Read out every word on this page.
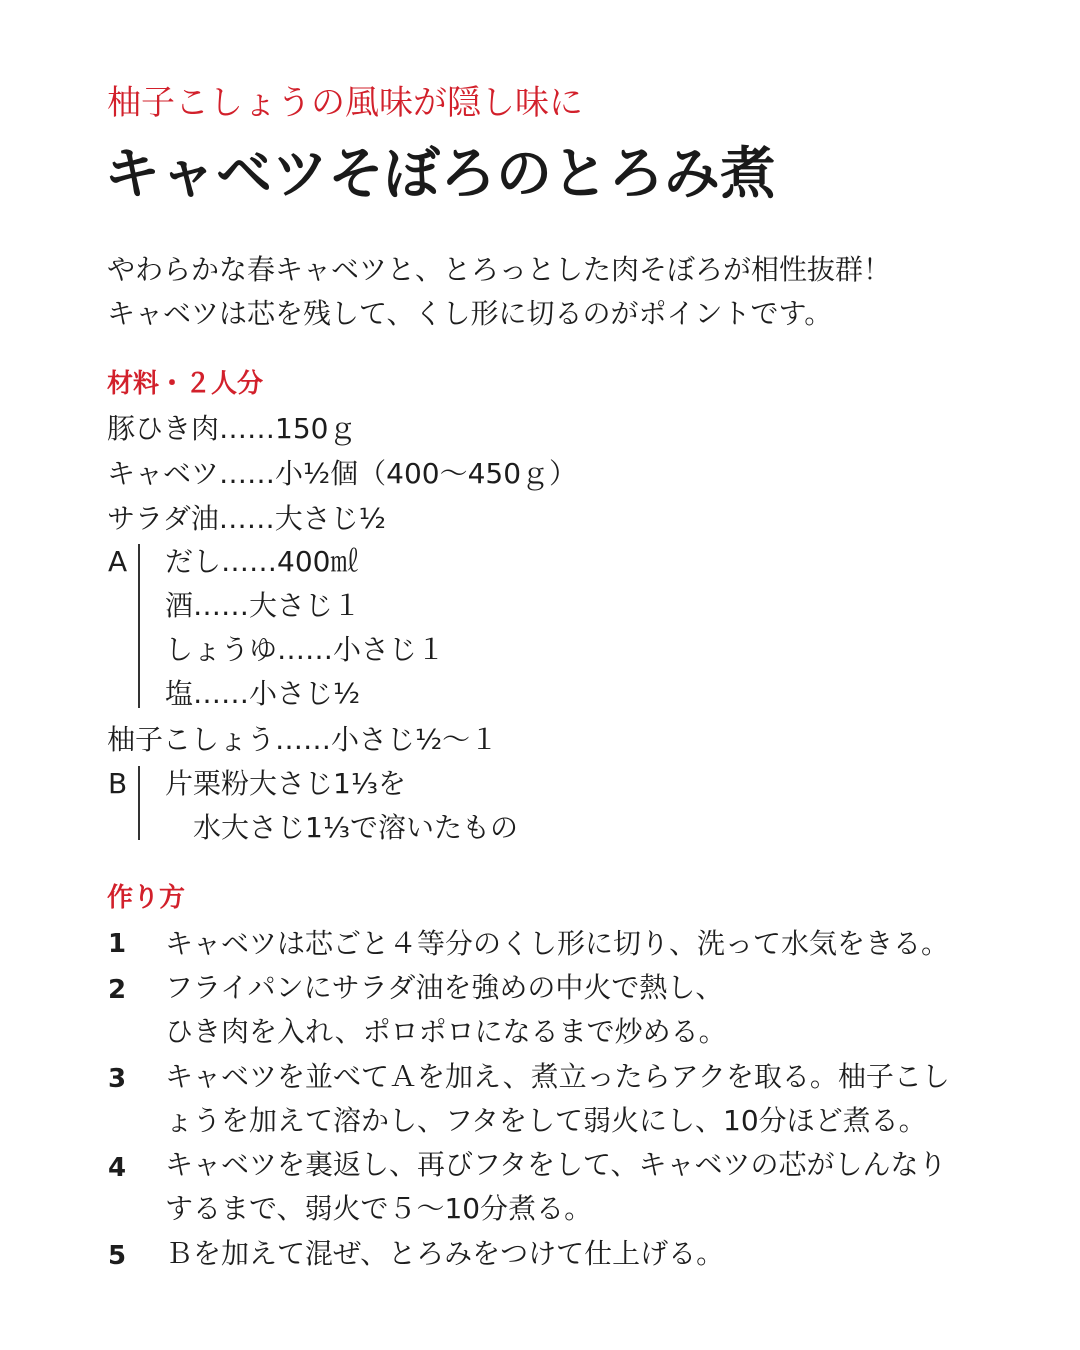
柚子こしょうの風味が隠し味に
キャベツそぼろのとろみ煮
やわらかな春キャベツと、とろっとした肉そぼろが相性抜群！
キャベツは芯を残して、くし形に切るのがポイントです。
材料・２人分
豚ひき肉……150ｇ
キャベツ……小½個（400～450ｇ）
サラダ油……大さじ½
A だし……400㎖
酒……大さじ１
しょうゆ……小さじ１
塩……小さじ½
柚子こしょう……小さじ½～１
B 片栗粉大さじ1⅓を
　水大さじ1⅓で溶いたもの
作り方
1 キャベツは芯ごと４等分のくし形に切り、洗って水気をきる。
2 フライパンにサラダ油を強めの中火で熱し、
ひき肉を入れ、ポロポロになるまで炒める。
3 キャベツを並べてＡを加え、煮立ったらアクを取る。柚子こし
ょうを加えて溶かし、フタをして弱火にし、10分ほど煮る。
4 キャベツを裏返し、再びフタをして、キャベツの芯がしんなり
するまで、弱火で５～10分煮る。
5 Ｂを加えて混ぜ、とろみをつけて仕上げる。
